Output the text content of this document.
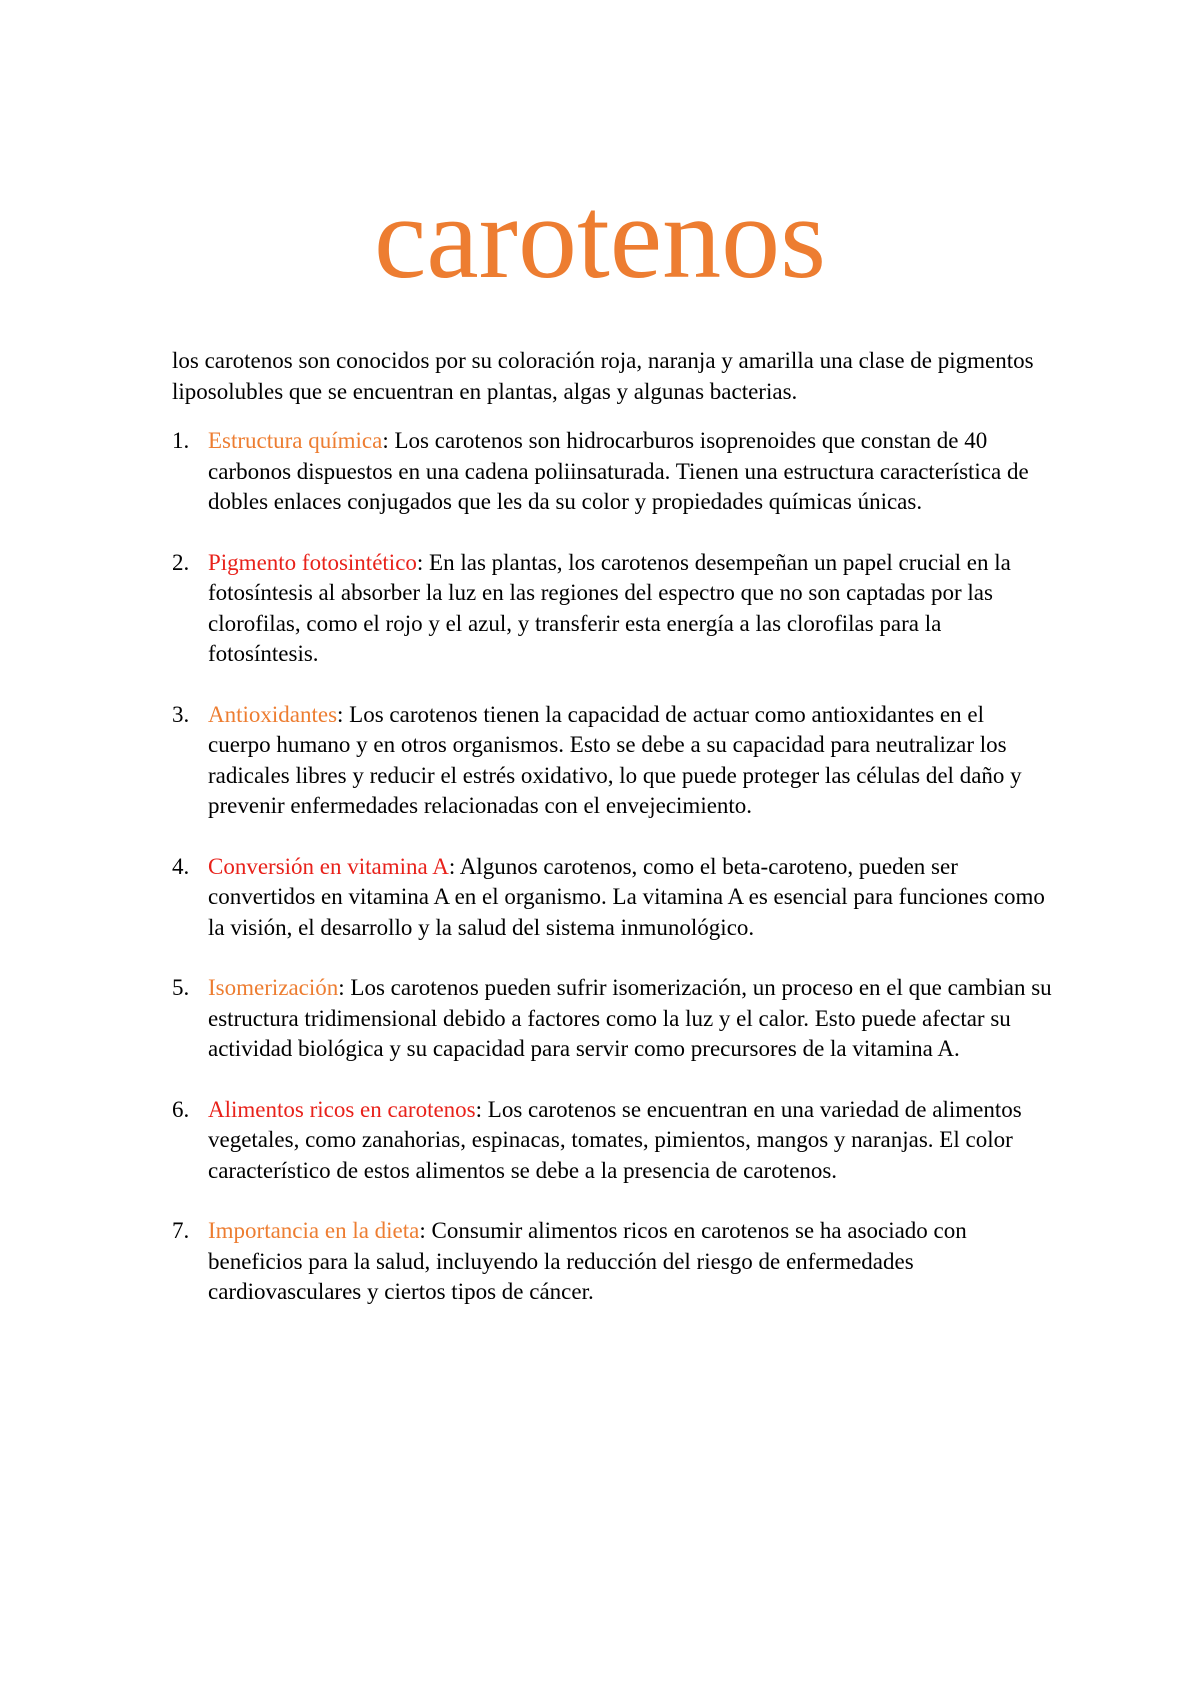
carotenos

los carotenos son conocidos por su coloración roja, naranja y amarilla una clase de pigmentos liposolubles que se encuentran en plantas, algas y algunas bacterias.

1. Estructura química: Los carotenos son hidrocarburos isoprenoides que constan de 40 carbonos dispuestos en una cadena poliinsaturada. Tienen una estructura característica de dobles enlaces conjugados que les da su color y propiedades químicas únicas.
2. Pigmento fotosintético: En las plantas, los carotenos desempeñan un papel crucial en la fotosíntesis al absorber la luz en las regiones del espectro que no son captadas por las clorofilas, como el rojo y el azul, y transferir esta energía a las clorofilas para la fotosíntesis.
3. Antioxidantes: Los carotenos tienen la capacidad de actuar como antioxidantes en el cuerpo humano y en otros organismos. Esto se debe a su capacidad para neutralizar los radicales libres y reducir el estrés oxidativo, lo que puede proteger las células del daño y prevenir enfermedades relacionadas con el envejecimiento.
4. Conversión en vitamina A: Algunos carotenos, como el beta-caroteno, pueden ser convertidos en vitamina A en el organismo. La vitamina A es esencial para funciones como la visión, el desarrollo y la salud del sistema inmunológico.
5. Isomerización: Los carotenos pueden sufrir isomerización, un proceso en el que cambian su estructura tridimensional debido a factores como la luz y el calor. Esto puede afectar su actividad biológica y su capacidad para servir como precursores de la vitamina A.
6. Alimentos ricos en carotenos: Los carotenos se encuentran en una variedad de alimentos vegetales, como zanahorias, espinacas, tomates, pimientos, mangos y naranjas. El color característico de estos alimentos se debe a la presencia de carotenos.
7. Importancia en la dieta: Consumir alimentos ricos en carotenos se ha asociado con beneficios para la salud, incluyendo la reducción del riesgo de enfermedades cardiovasculares y ciertos tipos de cáncer.
